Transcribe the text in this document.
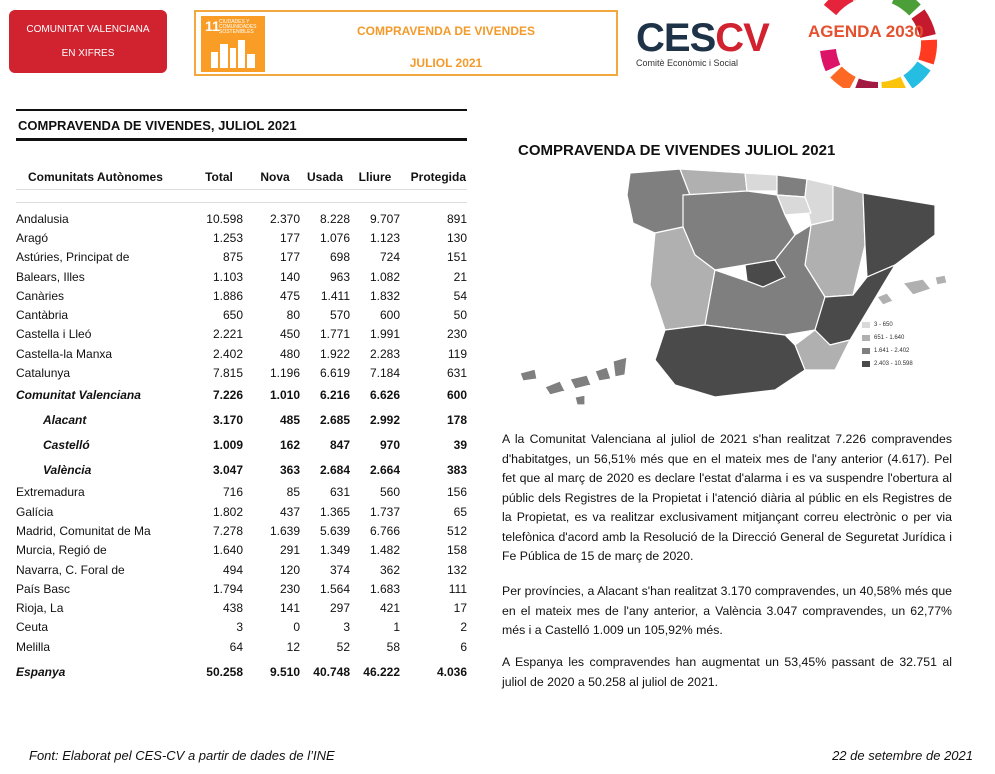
COMUNITAT VALENCIANA
EN XIFRES
11 CIUDADES Y COMUNIDADES SOSTENIBLES	COMPRAVENDA DE VIVENDES
JULIOL 2021
CESCV
Comitè Econòmic i Social
AGENDA 2030
COMPRAVENDA DE VIVENDES, JULIOL 2021
Comunitats Autònomes	Total	Nova	Usada	Lliure	Protegida

Andalusia	10.598	2.370	8.228	9.707	891
Aragó	1.253	177	1.076	1.123	130
Astúries, Principat de	875	177	698	724	151
Balears, Illes	1.103	140	963	1.082	21
Canàries	1.886	475	1.411	1.832	54
Cantàbria	650	80	570	600	50
Castella i Lleó	2.221	450	1.771	1.991	230
Castella-la Manxa	2.402	480	1.922	2.283	119
Catalunya	7.815	1.196	6.619	7.184	631
Comunitat Valenciana	7.226	1.010	6.216	6.626	600
Alacant	3.170	485	2.685	2.992	178
Castelló	1.009	162	847	970	39
València	3.047	363	2.684	2.664	383
Extremadura	716	85	631	560	156
Galícia	1.802	437	1.365	1.737	65
Madrid, Comunitat de Ma	7.278	1.639	5.639	6.766	512
Murcia, Regió de	1.640	291	1.349	1.482	158
Navarra, C. Foral de	494	120	374	362	132
País Basc	1.794	230	1.564	1.683	111
Rioja, La	438	141	297	421	17
Ceuta	3	0	3	1	2
Melilla	64	12	52	58	6
Espanya	50.258	9.510	40.748	46.222	4.036
COMPRAVENDA DE VIVENDES JULIOL 2021
3 - 650
651 - 1.640
1.641 - 2.402
2.403 - 10.598
A la Comunitat Valenciana al juliol de 2021 s'han realitzat 7.226 compravendes d'habitatges, un 56,51% més que en el mateix mes de l'any anterior (4.617). Pel fet que al març de 2020 es declare l'estat d'alarma i es va suspendre l'obertura al públic dels Registres de la Propietat i l'atenció diària al públic en els Registres de la Propietat, es va realitzar exclusivament mitjançant correu electrònic o per via telefònica d'acord amb la Resolució de la Direcció General de Seguretat Jurídica i Fe Pública de 15 de març de 2020.
Per províncies, a Alacant s'han realitzat 3.170 compravendes, un 40,58% més que en el mateix mes de l'any anterior, a València 3.047 compravendes, un 62,77% més i a Castelló 1.009 un 105,92% més.
A Espanya les compravendes han augmentat un 53,45% passant de 32.751 al juliol de 2020 a 50.258 al juliol de 2021.
Font: Elaborat pel CES-CV a partir de dades de l’INE	22 de setembre de 2021
